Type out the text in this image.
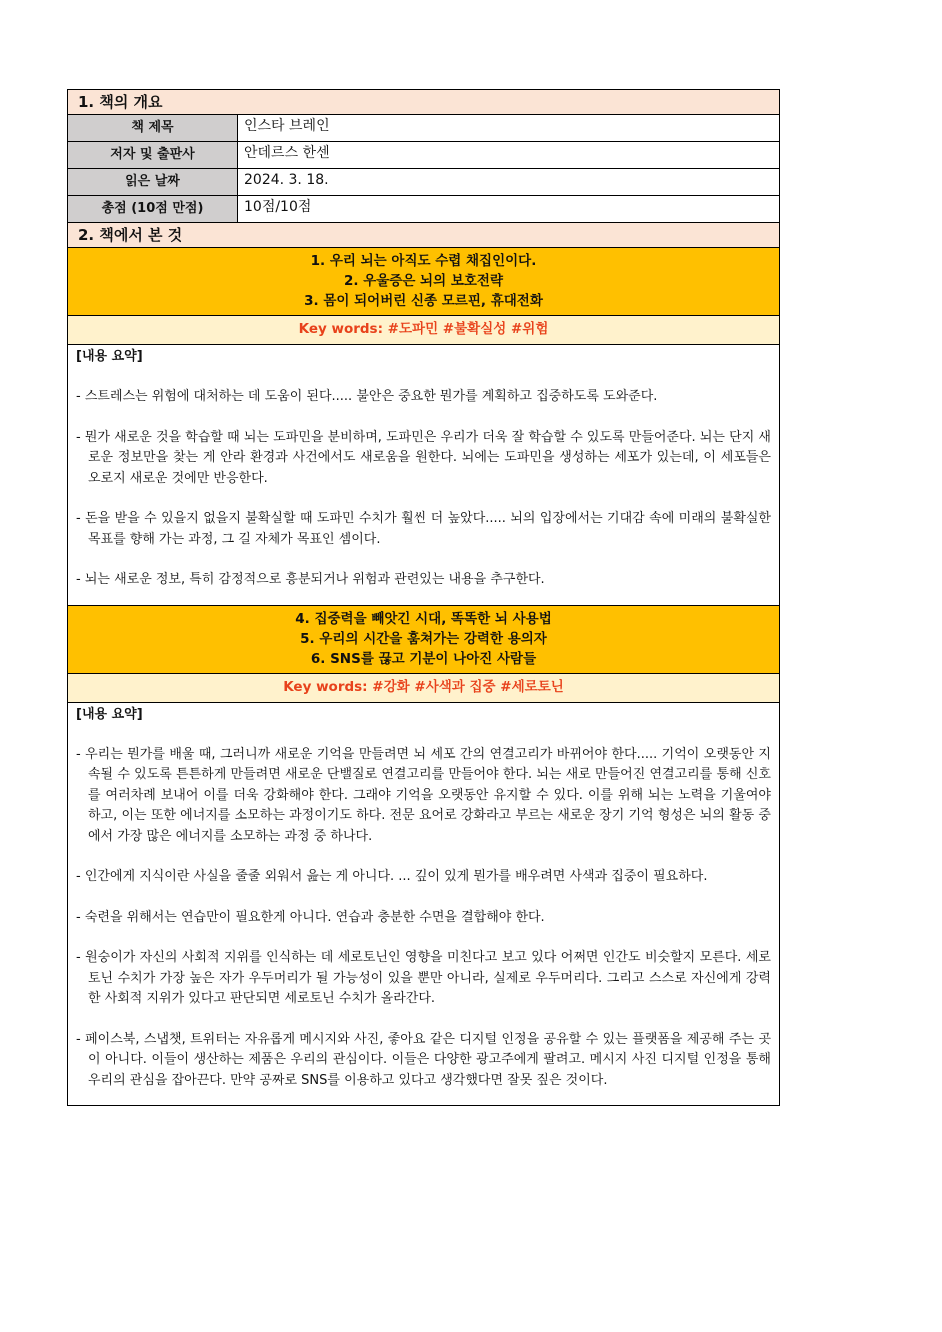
1. 책의 개요
책 제목	인스타 브레인
저자 및 출판사	안데르스 한센
읽은 날짜	2024. 3. 18.
총점 (10점 만점)	10점/10점
2. 책에서 본 것
1. 우리 뇌는 아직도 수렵 채집인이다.
2. 우울증은 뇌의 보호전략
3. 몸이 되어버린 신종 모르핀, 휴대전화
Key words: #도파민 #불확실성 #위험
[내용 요약]
- 스트레스는 위험에 대처하는 데 도움이 된다..... 불안은 중요한 뭔가를 계획하고 집중하도록 도와준다.
- 뭔가 새로운 것을 학습할 때 뇌는 도파민을 분비하며, 도파민은 우리가 더욱 잘 학습할 수 있도록 만들어준다. 뇌는 단지 새로운 정보만을 찾는 게 안라 환경과 사건에서도 새로움을 원한다. 뇌에는 도파민을 생성하는 세포가 있는데, 이 세포들은 오로지 새로운 것에만 반응한다.
- 돈을 받을 수 있을지 없을지 불확실할 때 도파민 수치가 훨씬 더 높았다..... 뇌의 입장에서는 기대감 속에 미래의 불확실한 목표를 향해 가는 과정, 그 길 자체가 목표인 셈이다.
- 뇌는 새로운 정보, 특히 감정적으로 흥분되거나 위험과 관련있는 내용을 추구한다.
4. 집중력을 빼앗긴 시대, 똑똑한 뇌 사용법
5. 우리의 시간을 훔쳐가는 강력한 용의자
6. SNS를 끊고 기분이 나아진 사람들
Key words: #강화 #사색과 집중 #세로토닌
[내용 요약]
- 우리는 뭔가를 배울 때, 그러니까 새로운 기억을 만들려면 뇌 세포 간의 연결고리가 바뀌어야 한다..... 기억이 오랫동안 지속될 수 있도록 튼튼하게 만들려면 새로운 단밸질로 연결고리를 만들어야 한다. 뇌는 새로 만들어진 연결고리를 통해 신호를 여러차례 보내어 이를 더욱 강화해야 한다. 그래야 기억을 오랫동안 유지할 수 있다. 이를 위해 뇌는 노력을 기울여야 하고, 이는 또한 에너지를 소모하는 과정이기도 하다. 전문 요어로 강화라고 부르는 새로운 장기 기억 형성은 뇌의 활동 중에서 가장 많은 에너지를 소모하는 과정 중 하나다.
- 인간에게 지식이란 사실을 줄줄 외워서 읊는 게 아니다. ... 깊이 있게 뭔가를 배우려면 사색과 집중이 필요하다.
- 숙련을 위해서는 연습만이 필요한게 아니다. 연습과 충분한 수면을 결합해야 한다.
- 원숭이가 자신의 사회적 지위를 인식하는 데 세로토닌인 영향을 미친다고 보고 있다 어쩌면 인간도 비슷할지 모른다. 세로토닌 수치가 가장 높은 자가 우두머리가 될 가능성이 있을 뿐만 아니라, 실제로 우두머리다. 그리고 스스로 자신에게 강력한 사회적 지위가 있다고 판단되면 세로토닌 수치가 올라간다.
- 페이스북, 스냅챗, 트위터는 자유롭게 메시지와 사진, 좋아요 같은 디지털 인정을 공유할 수 있는 플랫폼을 제공해 주는 곳이 아니다. 이들이 생산하는 제품은 우리의 관심이다. 이들은 다양한 광고주에게 팔려고. 메시지 사진 디지털 인정을 통해 우리의 관심을 잡아끈다. 만약 공짜로 SNS를 이용하고 있다고 생각했다면 잘못 짚은 것이다.
